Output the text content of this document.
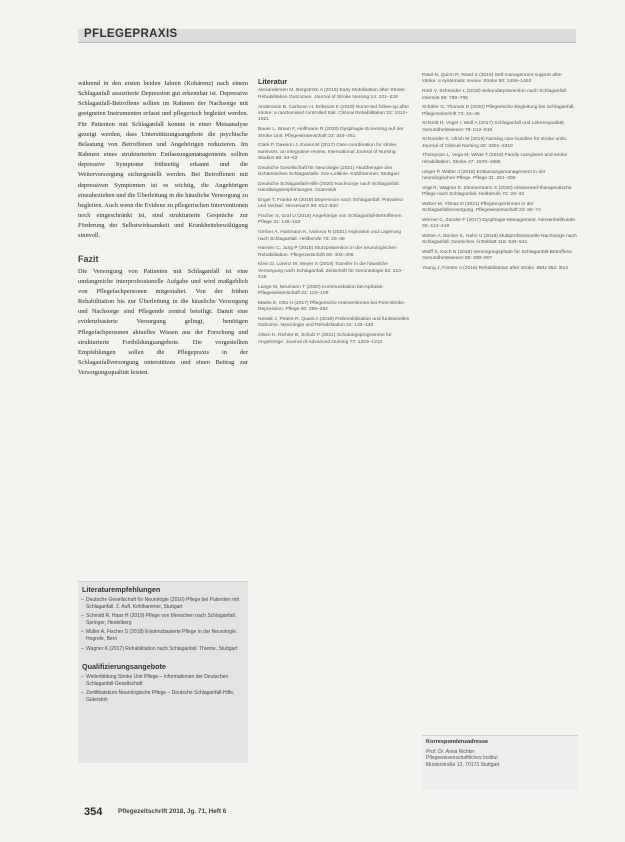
PFLEGEPRAXIS

während in den ersten beiden Jahren (Kohärenz) nach einem Schlaganfall assoziierte Depression gut erkennbar ist. Depressive Schlaganfall-Betroffene sollten im Rahmen der Nachsorge mit geeigneten Instrumenten erfasst und pflegerisch begleitet werden. Für Patienten mit Schlaganfall konnte in einer Metaanalyse gezeigt werden, dass Unterstützungsangebote die psychische Belastung von Betroffenen und Angehörigen reduzieren. Im Rahmen eines strukturierten Entlassungsmanagements sollten depressive Symptome frühzeitig erkannt und die Weiterversorgung sichergestellt werden. Bei Betroffenen mit depressiven Symptomen ist es wichtig, die Angehörigen einzubeziehen und die Überleitung in die häusliche Versorgung zu begleiten. Auch wenn die Evidenz zu pflegerischen Interventionen noch eingeschränkt ist, sind strukturierte Gespräche zur Förderung der Selbstwirksamkeit und Krankheitsbewältigung sinnvoll.

Fazit

Die Versorgung von Patienten mit Schlaganfall ist eine umfangreiche interprofessionelle Aufgabe und wird maßgeblich von Pflegefachpersonen mitgestaltet. Von der frühen Rehabilitation bis zur Überleitung in die häusliche Versorgung und Nachsorge sind Pflegende zentral beteiligt. Damit eine evidenzbasierte Versorgung gelingt, benötigen Pflegefachpersonen aktuelles Wissen aus der Forschung und strukturierte Fortbildungsangebote. Die vorgestellten Empfehlungen sollen die Pflegepraxis in der Schlaganfallversorgung unterstützen und einen Beitrag zur Versorgungsqualität leisten.

Literaturempfehlungen
– Deutsche Gesellschaft für Neurologie (2016) Pflege bei Patienten mit Schlaganfall. 2. Aufl. Kohlhammer, Stuttgart
– Schmidt R, Haas H (2019) Pflege von Menschen nach Schlaganfall. Springer, Heidelberg
– Müller A, Fischer S (2018) Evidenzbasierte Pflege in der Neurologie. Hogrefe, Bern
– Wagner K (2017) Rehabilitation nach Schlaganfall. Thieme, Stuttgart
Qualifizierungsangebote
– Weiterbildung Stroke Unit Pflege – Informationen der Deutschen Schlaganfall-Gesellschaft
– Zertifikatskurs Neurologische Pflege – Deutsche Schlaganfall-Hilfe, Gütersloh
Literatur
Alexandersen M, Bergström A (2019) Early Mobilisation after Stroke: Rehabilitation Outcomes. Journal of Stroke Nursing 14: 221–228
Andersson B, Carlsson H, Eriksson K (2018) Nurse-led follow-up after stroke: a randomised controlled trial. Clinical Rehabilitation 32: 1012–1021
Bauer L, Braun F, Hoffmann R (2020) Dysphagie-Screening auf der Stroke Unit. Pflegewissenschaft 22: 344–351
Clark P, Dawson J, Evans M (2017) Care coordination for stroke survivors: an integrative review. International Journal of Nursing Studies 68: 54–63
Deutsche Gesellschaft für Neurologie (2021) Akuttherapie des ischämischen Schlaganfalls. S2e-Leitlinie. Kohlhammer, Stuttgart
Deutsche Schlaganfall-Hilfe (2020) Nachsorge nach Schlaganfall. Handlungsempfehlungen. Gütersloh
Engel T, Franke M (2019) Depression nach Schlaganfall: Prävalenz und Verlauf. Nervenarzt 90: 812–820
Fischer S, Graf U (2018) Angehörige von Schlaganfall-Betroffenen. Pflege 31: 145–152
Gerber A, Hartmann K, Ivanova N (2021) Aspiration und Lagerung nach Schlaganfall. Heilberufe 73: 33–38
Hansen C, Jung P (2016) Sturzprävention in der neurologischen Rehabilitation. Pflegezeitschrift 69: 402–406
Klein D, Lorenz W, Meyer S (2019) Transfer in die häusliche Versorgung nach Schlaganfall. Zeitschrift für Gerontologie 52: 210–218
Lange M, Neumann T (2020) Kommunikation bei Aphasie. Pflegewissenschaft 22: 102–109
Martin E, Otto H (2017) Pflegerische Interventionen bei Post-Stroke-Depression. Pflege 30: 255–262
Nowak J, Peters R, Quast A (2018) Frühmobilisation und funktionelles Outcome. Neurologie und Rehabilitation 24: 133–140
Olsen K, Richter B, Schulz F (2021) Schulungsprogramme für Angehörige. Journal of Advanced Nursing 77: 1203–1212
Patel N, Quinn R, Reed S (2019) Self-management support after stroke: a systematic review. Stroke 50: 1456–1463
Roth V, Schneider L (2018) Sekundärprävention nach Schlaganfall. Internist 59: 788–795
Schäfer G, Thomas D (2020) Pflegerische Begleitung bei Schlaganfall. Pflegezeitschrift 73: 44–48
Schmitt H, Vogel I, Wolf A (2017) Schlaganfall und Lebensqualität. Gesundheitswesen 79: 512–519
Schneider K, Ulrich M (2019) Nursing care bundles for stroke units. Journal of Clinical Nursing 28: 3301–3310
Thompson L, Vega M, White T (2016) Family caregivers and stroke rehabilitation. Stroke 47: 1678–1685
Unger P, Walter J (2018) Entlassungsmanagement in der neurologischen Pflege. Pflege 31: 201–209
Vogt R, Wagner E, Zimmermann S (2020) Aktivierend-therapeutische Pflege nach Schlaganfall. Heilberufe 72: 29–33
Weber M, Yilmaz D (2021) Pflegeexpertinnen in der Schlaganfallversorgung. Pflegewissenschaft 23: 66–74
Werner C, Zander F (2017) Dysphagie-Management. Nervenheilkunde 36: 412–418
Winter A, Becker K, Hahn U (2019) Multiprofessionelle Nachsorge nach Schlaganfall. Deutsches Ärzteblatt 116: 534–541
Wolff S, Koch N (2018) Versorgungspfade für Schlaganfall-Betroffene. Gesundheitswesen 80: 900–907
Young J, Forster A (2016) Rehabilitation after stroke. BMJ 352: i812
Korrespondenzadresse
Prof. Dr. Anna Richter
Pflegewissenschaftliches Institut
Musterstraße 12, 70173 Stuttgart
354 Pflegezeitschrift 2018, Jg. 71, Heft 6
